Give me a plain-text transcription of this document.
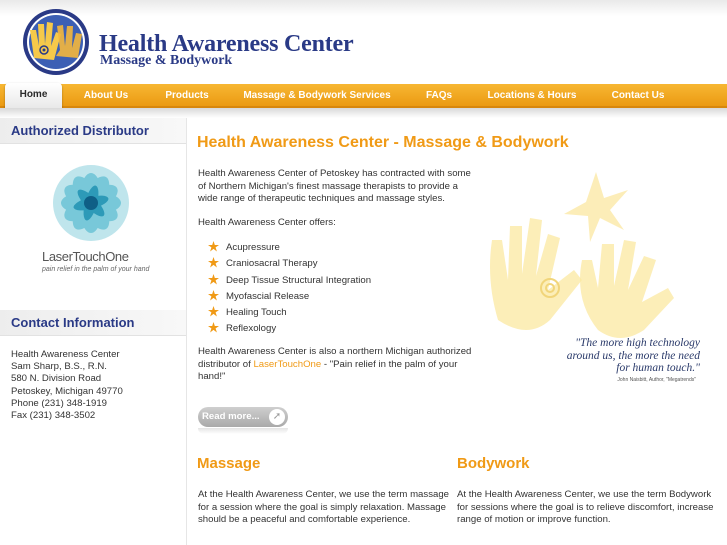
Health Awareness Center
Massage & Bodywork
Home	About Us	Products	Massage & Bodywork Services	FAQs	Locations & Hours	Contact Us
Authorized Distributor
LaserTouchOne
pain relief in the palm of your hand
Contact Information
Health Awareness Center
Sam Sharp, B.S., R.N.
580 N. Division Road
Petoskey, Michigan 49770
Phone (231) 348-1919
Fax (231) 348-3502
"The more high technology around us, the more the need for human touch."
John Naisbitt, Author, "Megatrends"
Health Awareness Center - Massage & Bodywork
Health Awareness Center of Petoskey has contracted with some of Northern Michigan's finest massage therapists to provide a wide range of therapeutic techniques and massage styles.
Health Awareness Center offers:
Acupressure
Craniosacral Therapy
Deep Tissue Structural Integration
Myofascial Release
Healing Touch
Reflexology
Health Awareness Center is also a northern Michigan authorized distributor of LaserTouchOne - "Pain relief in the palm of your hand!"
Read more...	➚
Massage
At the Health Awareness Center, we use the term massage for a session where the goal is simply relaxation. Massage should be a peaceful and comfortable experience.
Bodywork
At the Health Awareness Center, we use the term Bodywork for sessions where the goal is to relieve discomfort, increase range of motion or improve function.
